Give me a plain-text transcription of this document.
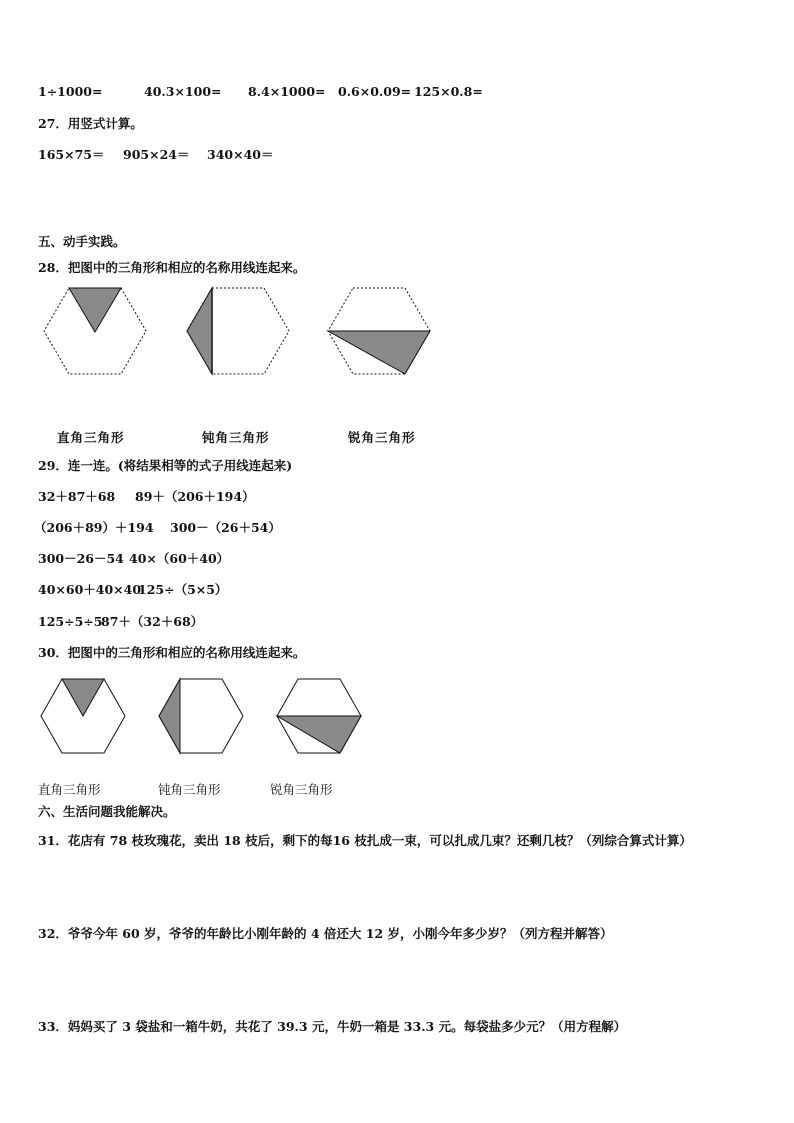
1÷1000=	40.3×100= 8.4×1000= 0.6×0.09= 125×0.8=
27．用竖式计算。
165×75＝ 905×24＝ 340×40＝
五、动手实践。
28．把图中的三角形和相应的名称用线连起来。
直角三角形	钝角三角形	锐角三角形
29．连一连。(将结果相等的式子用线连起来)
32＋87＋68 89＋（206＋194）
（206＋89）＋194 300－（26＋54）
300－26－54 40×（60＋40）
40×60＋40×40
125÷（5×5）
125÷5÷5
87＋（32＋68）
30．把图中的三角形和相应的名称用线连起来。
直角三角形	钝角三角形	锐角三角形
六、生活问题我能解决。
31．花店有 78 枝玫瑰花，卖出 18 枝后，剩下的每16 枝扎成一束，可以扎成几束？还剩几枝？（列综合算式计算）
32．爷爷今年 60 岁，爷爷的年龄比小刚年龄的 4 倍还大 12 岁，小刚今年多少岁？（列方程并解答）
33．妈妈买了 3 袋盐和一箱牛奶，共花了 39.3 元，牛奶一箱是 33.3 元。每袋盐多少元？（用方程解）
